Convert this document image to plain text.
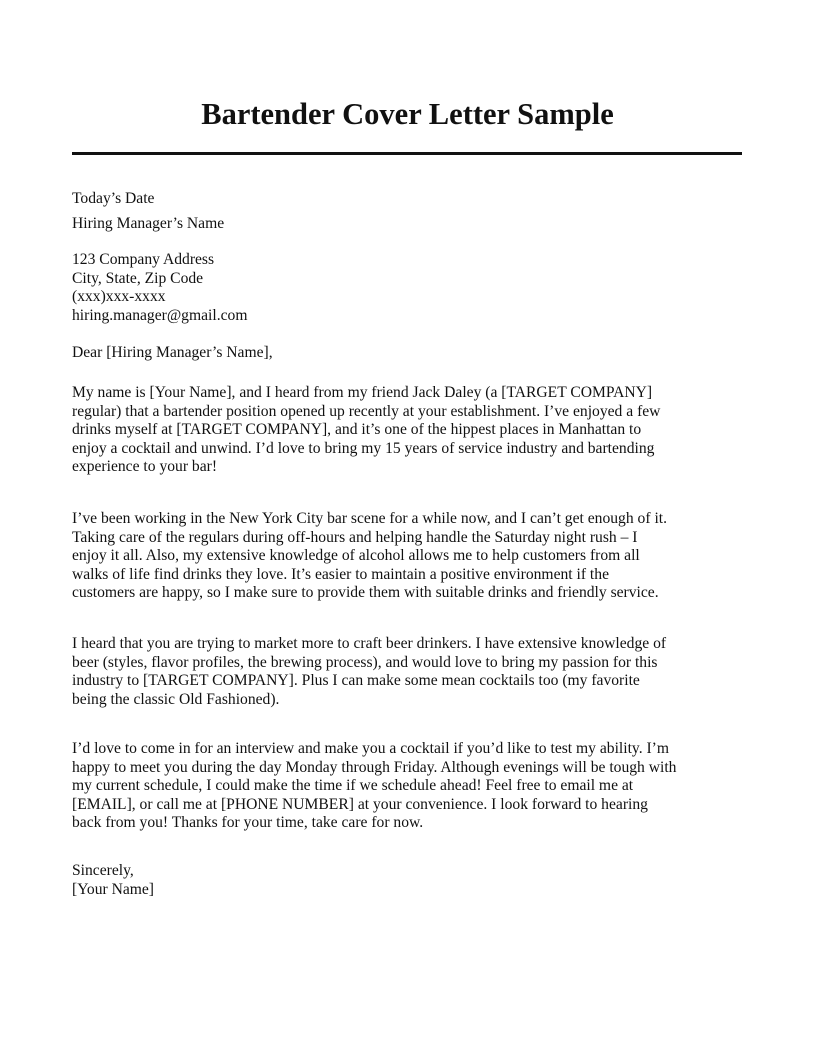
Bartender Cover Letter Sample
Today’s Date
Hiring Manager’s Name
123 Company Address
City, State, Zip Code
(xxx)xxx-xxxx
hiring.manager@gmail.com
Dear [Hiring Manager’s Name],
My name is [Your Name], and I heard from my friend Jack Daley (a [TARGET COMPANY]
regular) that a bartender position opened up recently at your establishment. I’ve enjoyed a few
drinks myself at [TARGET COMPANY], and it’s one of the hippest places in Manhattan to
enjoy a cocktail and unwind. I’d love to bring my 15 years of service industry and bartending
experience to your bar!
I’ve been working in the New York City bar scene for a while now, and I can’t get enough of it.
Taking care of the regulars during off-hours and helping handle the Saturday night rush – I
enjoy it all. Also, my extensive knowledge of alcohol allows me to help customers from all
walks of life find drinks they love. It’s easier to maintain a positive environment if the
customers are happy, so I make sure to provide them with suitable drinks and friendly service.
I heard that you are trying to market more to craft beer drinkers. I have extensive knowledge of
beer (styles, flavor profiles, the brewing process), and would love to bring my passion for this
industry to [TARGET COMPANY]. Plus I can make some mean cocktails too (my favorite
being the classic Old Fashioned).
I’d love to come in for an interview and make you a cocktail if you’d like to test my ability. I’m
happy to meet you during the day Monday through Friday. Although evenings will be tough with
my current schedule, I could make the time if we schedule ahead! Feel free to email me at
[EMAIL], or call me at [PHONE NUMBER] at your convenience. I look forward to hearing
back from you! Thanks for your time, take care for now.
Sincerely,
[Your Name]
